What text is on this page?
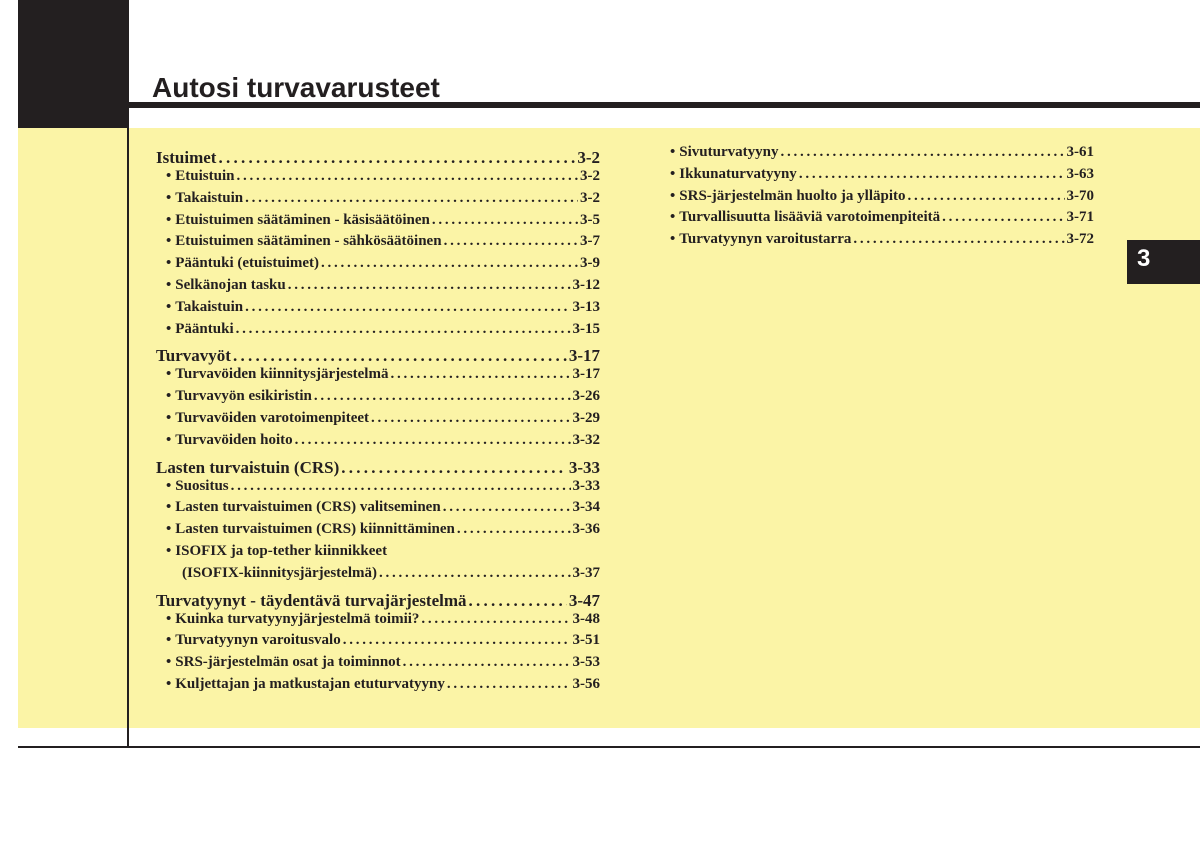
Autosi turvavarusteet
3
Istuimet . . .	3-2
• Etuistuin . . .	3-2
• Takaistuin . . .	3-2
• Etuistuimen säätäminen - käsisäätöinen . . .	3-5
• Etuistuimen säätäminen - sähkösäätöinen . . .	3-7
• Pääntuki (etuistuimet) . . .	3-9
• Selkänojan tasku . . .	3-12
• Takaistuin . . .	3-13
• Pääntuki . . .	3-15
Turvavyöt . . .	3-17
• Turvavöiden kiinnitysjärjestelmä . . .	3-17
• Turvavyön esikiristin . . .	3-26
• Turvavöiden varotoimenpiteet . . .	3-29
• Turvavöiden hoito . . .	3-32
Lasten turvaistuin (CRS) . . .	3-33
• Suositus . . .	3-33
• Lasten turvaistuimen (CRS) valitseminen . . .	3-34
• Lasten turvaistuimen (CRS) kiinnittäminen . . .	3-36
• ISOFIX ja top-tether kiinnikkeet
(ISOFIX-kiinnitysjärjestelmä) . . .	3-37
Turvatyynyt - täydentävä turvajärjestelmä . . .	3-47
• Kuinka turvatyynyjärjestelmä toimii? . . .	3-48
• Turvatyynyn varoitusvalo . . .	3-51
• SRS-järjestelmän osat ja toiminnot . . .	3-53
• Kuljettajan ja matkustajan etuturvatyyny . . .	3-56
• Sivuturvatyyny . . .	3-61
• Ikkunaturvatyyny . . .	3-63
• SRS-järjestelmän huolto ja ylläpito . . .	3-70
• Turvallisuutta lisääviä varotoimenpiteitä . . .	3-71
• Turvatyynyn varoitustarra . . .	3-72
